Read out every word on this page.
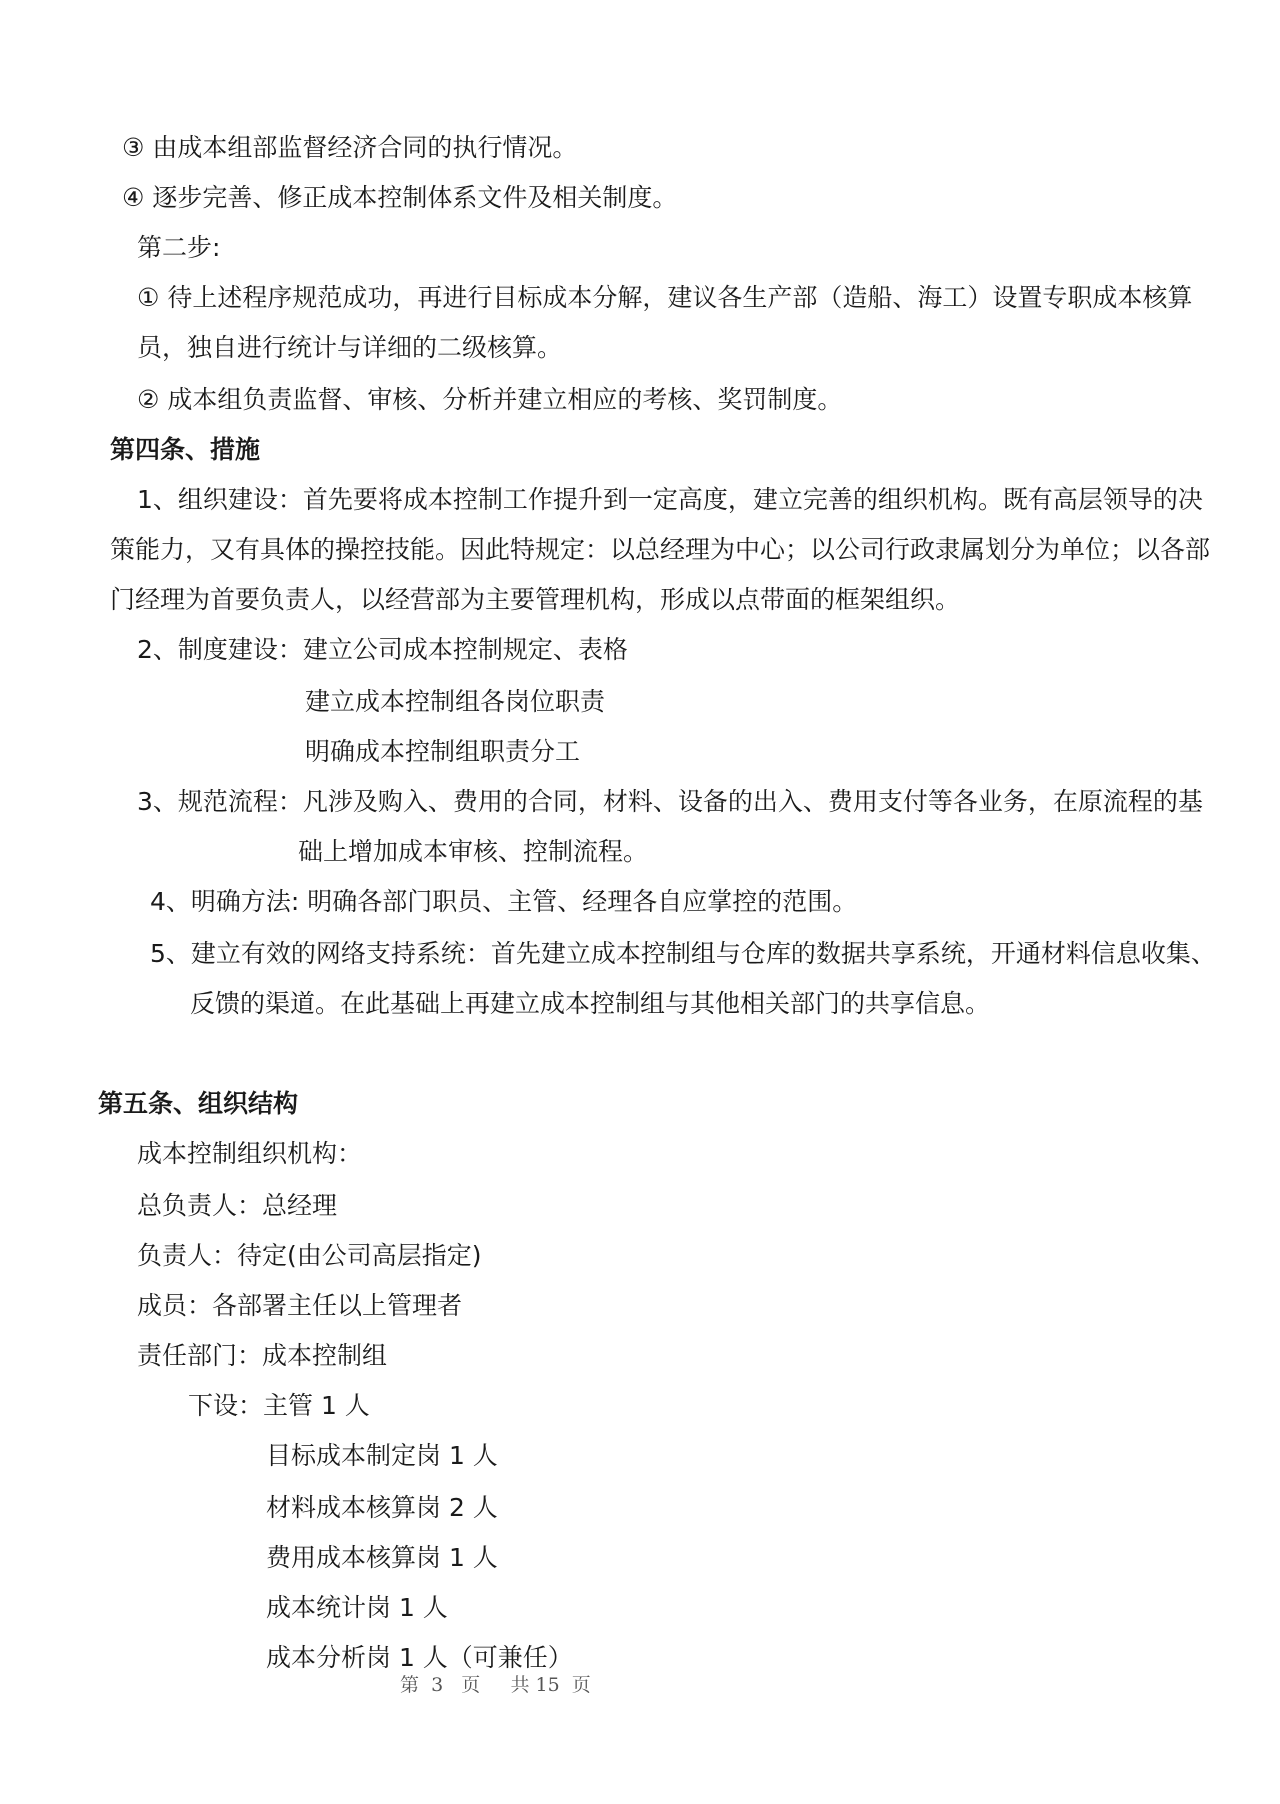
③ 由成本组部监督经济合同的执行情况。
④ 逐步完善、修正成本控制体系文件及相关制度。
第二步:
① 待上述程序规范成功，再进行目标成本分解，建议各生产部（造船、海工）设置专职成本核算
员，独自进行统计与详细的二级核算。
② 成本组负责监督、审核、分析并建立相应的考核、奖罚制度。
第四条、措施
1、组织建设：首先要将成本控制工作提升到一定高度，建立完善的组织机构。既有高层领导的决
策能力，又有具体的操控技能。因此特规定：以总经理为中心；以公司行政隶属划分为单位；以各部
门经理为首要负责人，以经营部为主要管理机构，形成以点带面的框架组织。
2、制度建设：建立公司成本控制规定、表格
建立成本控制组各岗位职责
明确成本控制组职责分工
3、规范流程：凡涉及购入、费用的合同，材料、设备的出入、费用支付等各业务，在原流程的基
础上增加成本审核、控制流程。
4、明确方法: 明确各部门职员、主管、经理各自应掌控的范围。
5、建立有效的网络支持系统：首先建立成本控制组与仓库的数据共享系统，开通材料信息收集、
反馈的渠道。在此基础上再建立成本控制组与其他相关部门的共享信息。
第五条、组织结构
成本控制组织机构：
总负责人：总经理
负责人：待定(由公司高层指定)
成员：各部署主任以上管理者
责任部门：成本控制组
下设：主管 1 人
目标成本制定岗 1 人
材料成本核算岗 2 人
费用成本核算岗 1 人
成本统计岗 1 人
成本分析岗 1 人（可兼任）
第  3   页     共 15  页
